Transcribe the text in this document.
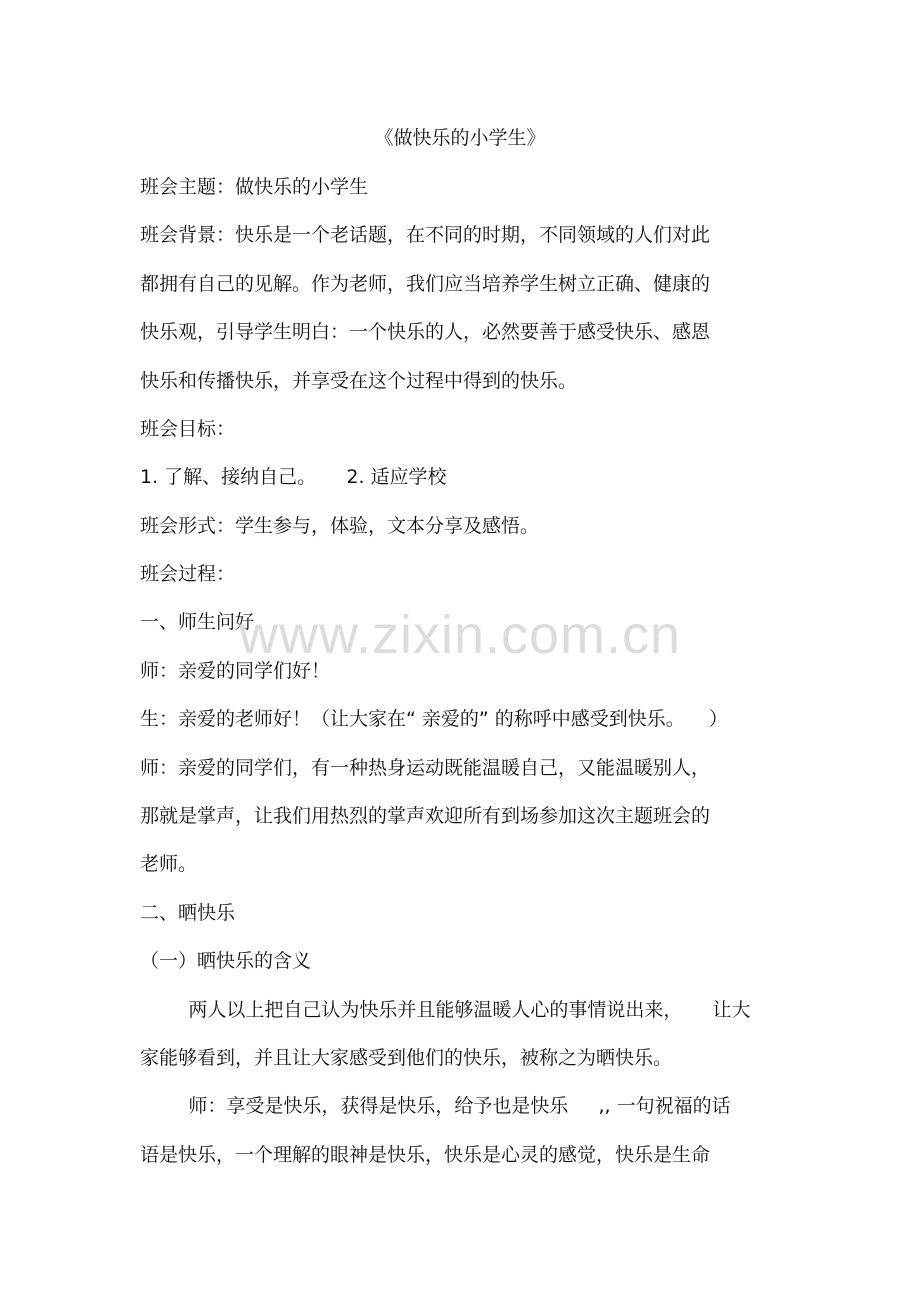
《做快乐的小学生》
班会主题：做快乐的小学生
班会背景：快乐是一个老话题，在不同的时期，不同领域的人们对此
都拥有自己的见解。作为老师，我们应当培养学生树立正确、健康的
快乐观，引导学生明白：一个快乐的人，必然要善于感受快乐、感恩
快乐和传播快乐，并享受在这个过程中得到的快乐。
班会目标：
1. 了解、接纳自己。     2. 适应学校
班会形式：学生参与，体验，文本分享及感悟。
班会过程：
一、师生问好
师：亲爱的同学们好！
生：亲爱的老师好！（让大家在“ 亲爱的” 的称呼中感受到快乐。    ）
师：亲爱的同学们，有一种热身运动既能温暖自己，又能温暖别人，
那就是掌声，让我们用热烈的掌声欢迎所有到场参加这次主题班会的
老师。
二、晒快乐
（一）晒快乐的含义
两人以上把自己认为快乐并且能够温暖人心的事情说出来，     让大
家能够看到，并且让大家感受到他们的快乐，被称之为晒快乐。
师：享受是快乐，获得是快乐，给予也是快乐     ,, 一句祝福的话
语是快乐，一个理解的眼神是快乐，快乐是心灵的感觉，快乐是生命
www.zixin.com.cn
